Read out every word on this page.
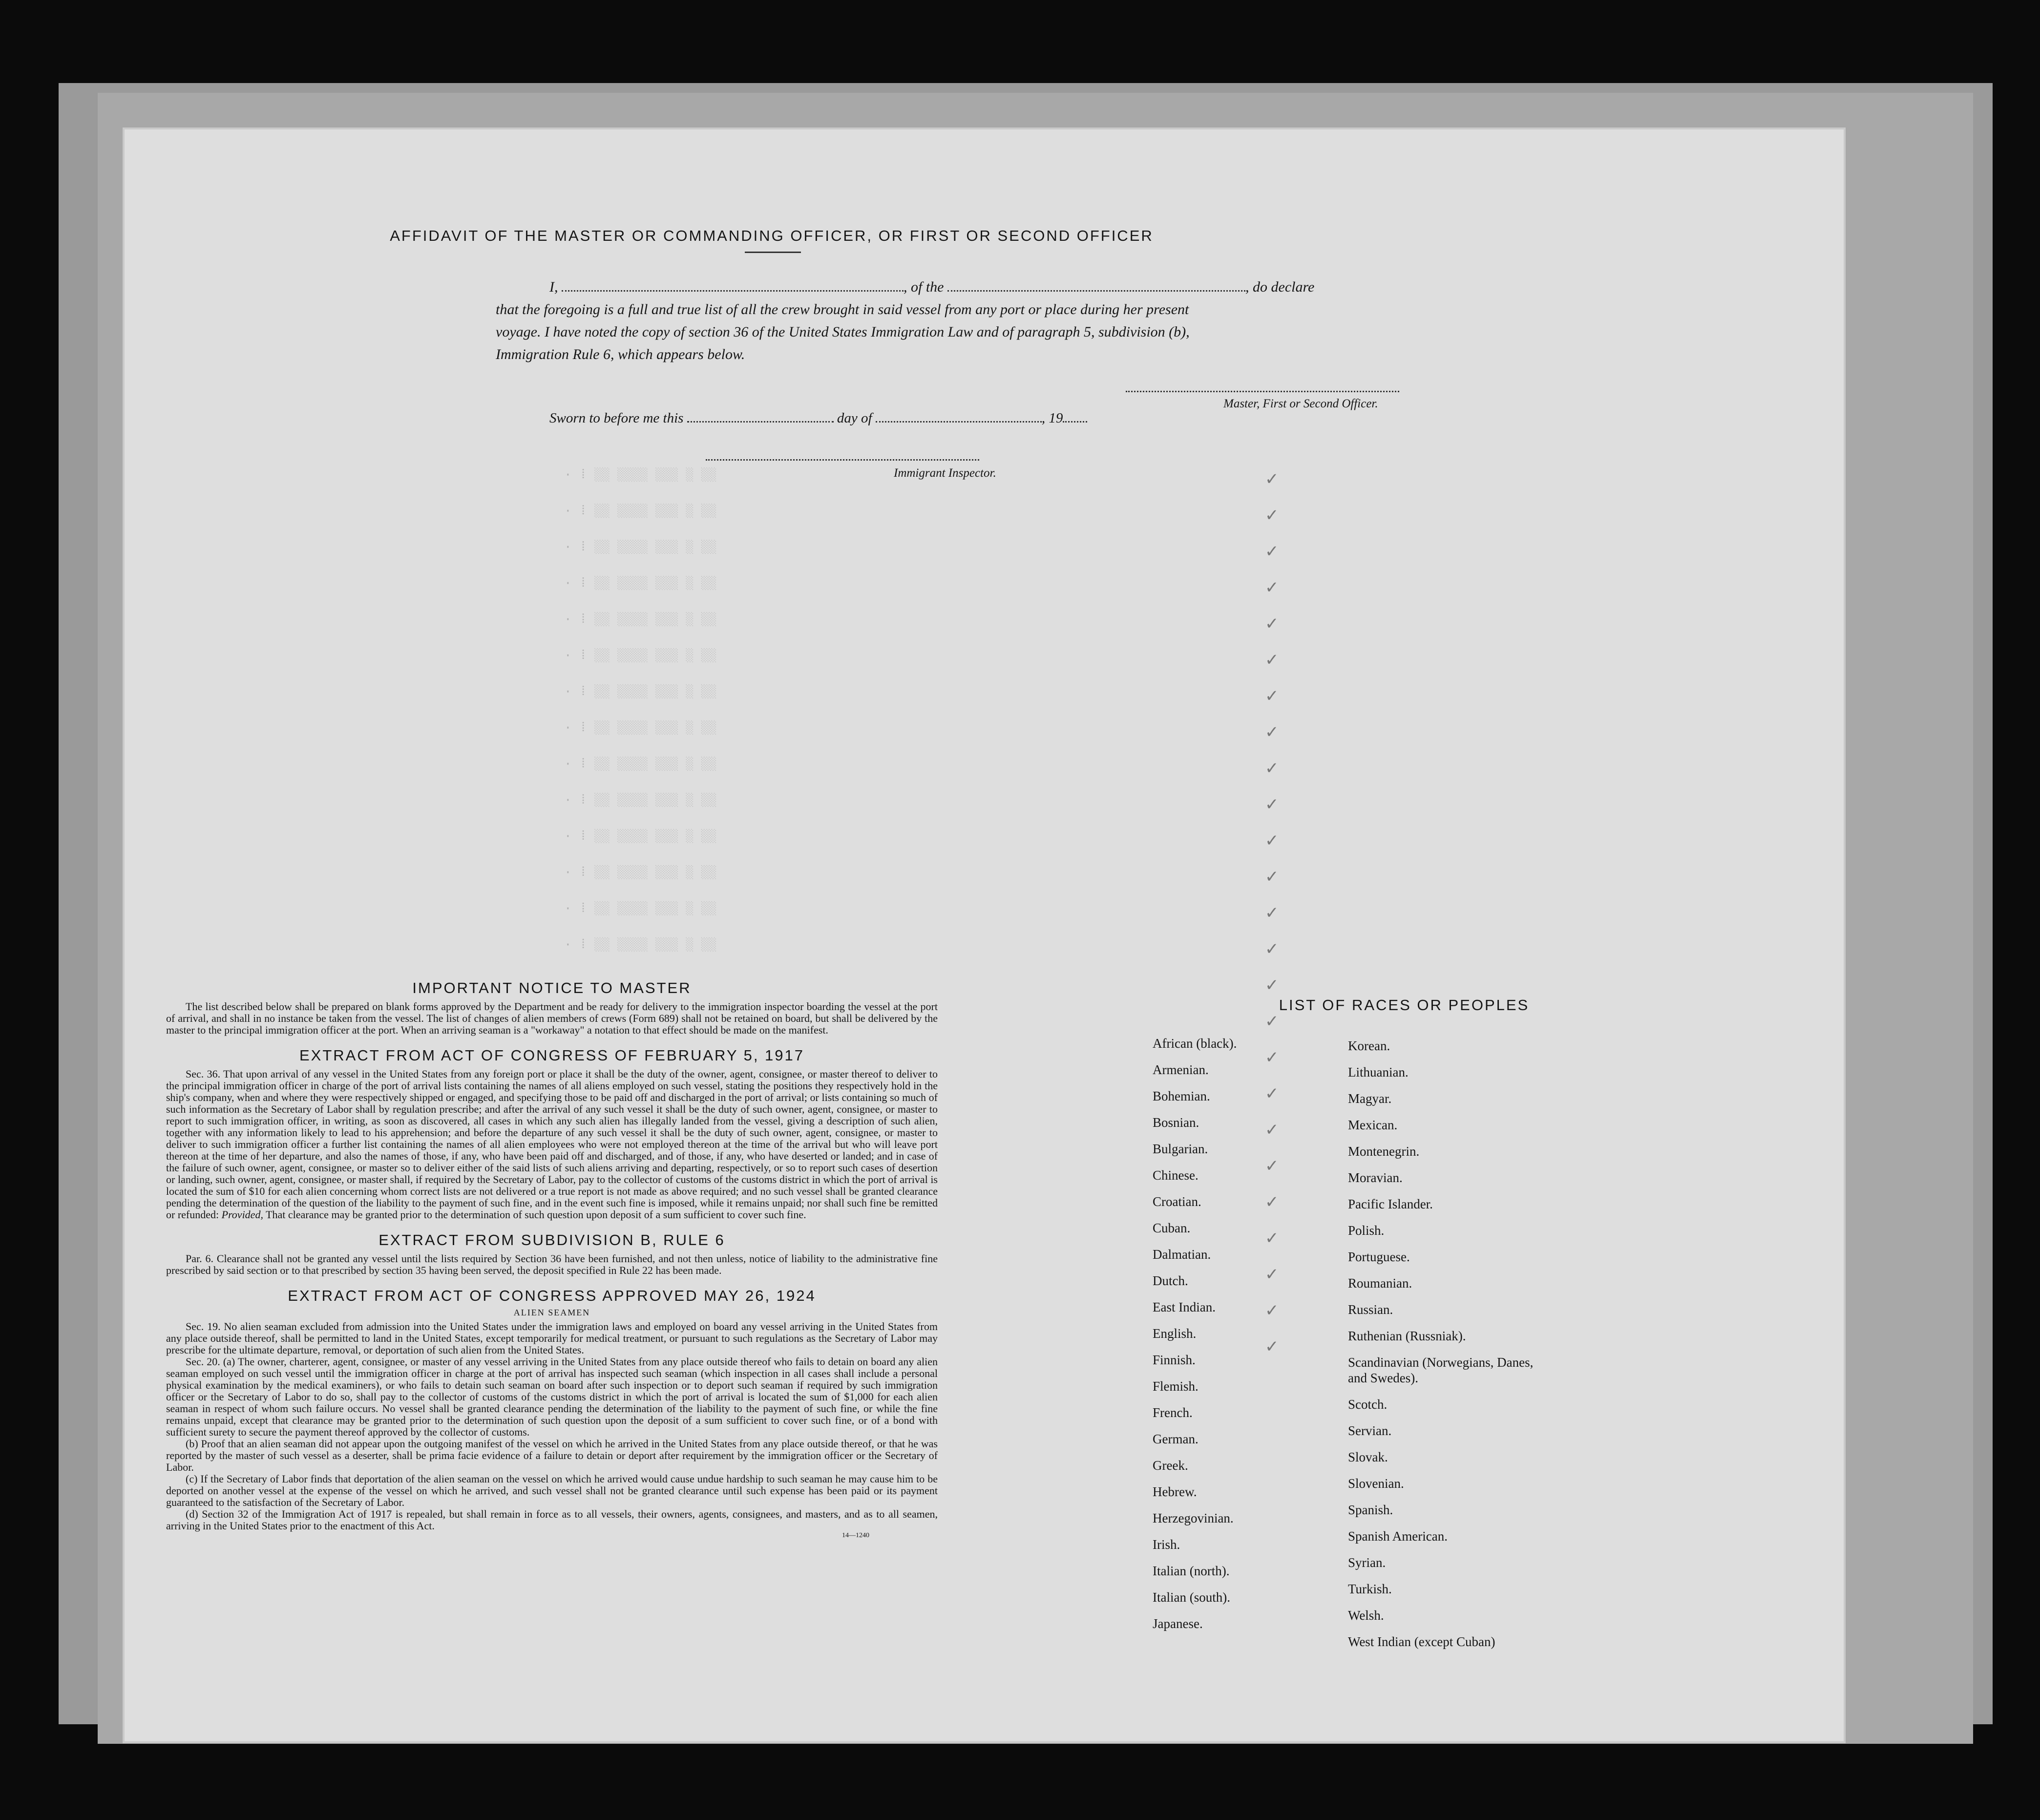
· ⁞ ░░ ░░░░ ░░░ ░ ░░
· ⁞ ░░ ░░░░ ░░░ ░ ░░
· ⁞ ░░ ░░░░ ░░░ ░ ░░
· ⁞ ░░ ░░░░ ░░░ ░ ░░
· ⁞ ░░ ░░░░ ░░░ ░ ░░
· ⁞ ░░ ░░░░ ░░░ ░ ░░
· ⁞ ░░ ░░░░ ░░░ ░ ░░
· ⁞ ░░ ░░░░ ░░░ ░ ░░
· ⁞ ░░ ░░░░ ░░░ ░ ░░
· ⁞ ░░ ░░░░ ░░░ ░ ░░
· ⁞ ░░ ░░░░ ░░░ ░ ░░
· ⁞ ░░ ░░░░ ░░░ ░ ░░
· ⁞ ░░ ░░░░ ░░░ ░ ░░
· ⁞ ░░ ░░░░ ░░░ ░ ░░
✓
✓
✓
✓
✓
✓
✓
✓
✓
✓
✓
✓
✓
✓
✓
✓
✓
✓
✓
✓
✓
✓
✓
✓
✓
AFFIDAVIT OF THE MASTER OR COMMANDING OFFICER, OR FIRST OR SECOND OFFICER
I,	, of the	, do declare
that the foregoing is a full and true list of all the crew brought in said vessel from any port or place during her present
voyage. I have noted the copy of section 36 of the United States Immigration Law and of paragraph 5, subdivision (b),
Immigration Rule 6, which appears below.
Master, First or Second Officer.
Sworn to before me this	day of	, 19
Immigrant Inspector.
IMPORTANT NOTICE TO MASTER
The list described below shall be prepared on blank forms approved by the Department and be ready for delivery to the immigration inspector boarding the vessel at the port of arrival, and shall in no instance be taken from the vessel. The list of changes of alien members of crews (Form 689) shall not be retained on board, but shall be delivered by the master to the principal immigration officer at the port. When an arriving seaman is a "workaway" a notation to that effect should be made on the manifest.
EXTRACT FROM ACT OF CONGRESS OF FEBRUARY 5, 1917
Sec. 36. That upon arrival of any vessel in the United States from any foreign port or place it shall be the duty of the owner, agent, consignee, or master thereof to deliver to the principal immigration officer in charge of the port of arrival lists containing the names of all aliens employed on such vessel, stating the positions they respectively hold in the ship's company, when and where they were respectively shipped or engaged, and specifying those to be paid off and discharged in the port of arrival; or lists containing so much of such information as the Secretary of Labor shall by regulation prescribe; and after the arrival of any such vessel it shall be the duty of such owner, agent, consignee, or master to report to such immigration officer, in writing, as soon as discovered, all cases in which any such alien has illegally landed from the vessel, giving a description of such alien, together with any information likely to lead to his apprehension; and before the departure of any such vessel it shall be the duty of such owner, agent, consignee, or master to deliver to such immigration officer a further list containing the names of all alien employees who were not employed thereon at the time of the arrival but who will leave port thereon at the time of her departure, and also the names of those, if any, who have been paid off and discharged, and of those, if any, who have deserted or landed; and in case of the failure of such owner, agent, consignee, or master so to deliver either of the said lists of such aliens arriving and departing, respectively, or so to report such cases of desertion or landing, such owner, agent, consignee, or master shall, if required by the Secretary of Labor, pay to the collector of customs of the customs district in which the port of arrival is located the sum of $10 for each alien concerning whom correct lists are not delivered or a true report is not made as above required; and no such vessel shall be granted clearance pending the determination of the question of the liability to the payment of such fine, and in the event such fine is imposed, while it remains unpaid; nor shall such fine be remitted or refunded: Provided, That clearance may be granted prior to the determination of such question upon deposit of a sum sufficient to cover such fine.
EXTRACT FROM SUBDIVISION B, RULE 6
Par. 6. Clearance shall not be granted any vessel until the lists required by Section 36 have been furnished, and not then unless, notice of liability to the administrative fine prescribed by said section or to that prescribed by section 35 having been served, the deposit specified in Rule 22 has been made.
EXTRACT FROM ACT OF CONGRESS APPROVED MAY 26, 1924
ALIEN SEAMEN
Sec. 19. No alien seaman excluded from admission into the United States under the immigration laws and employed on board any vessel arriving in the United States from any place outside thereof, shall be permitted to land in the United States, except temporarily for medical treatment, or pursuant to such regulations as the Secretary of Labor may prescribe for the ultimate departure, removal, or deportation of such alien from the United States.
Sec. 20. (a) The owner, charterer, agent, consignee, or master of any vessel arriving in the United States from any place outside thereof who fails to detain on board any alien seaman employed on such vessel until the immigration officer in charge at the port of arrival has inspected such seaman (which inspection in all cases shall include a personal physical examination by the medical examiners), or who fails to detain such seaman on board after such inspection or to deport such seaman if required by such immigration officer or the Secretary of Labor to do so, shall pay to the collector of customs of the customs district in which the port of arrival is located the sum of $1,000 for each alien seaman in respect of whom such failure occurs. No vessel shall be granted clearance pending the determination of the liability to the payment of such fine, or while the fine remains unpaid, except that clearance may be granted prior to the determination of such question upon the deposit of a sum sufficient to cover such fine, or of a bond with sufficient surety to secure the payment thereof approved by the collector of customs.
(b) Proof that an alien seaman did not appear upon the outgoing manifest of the vessel on which he arrived in the United States from any place outside thereof, or that he was reported by the master of such vessel as a deserter, shall be prima facie evidence of a failure to detain or deport after requirement by the immigration officer or the Secretary of Labor.
(c) If the Secretary of Labor finds that deportation of the alien seaman on the vessel on which he arrived would cause undue hardship to such seaman he may cause him to be deported on another vessel at the expense of the vessel on which he arrived, and such vessel shall not be granted clearance until such expense has been paid or its payment guaranteed to the satisfaction of the Secretary of Labor.
(d) Section 32 of the Immigration Act of 1917 is repealed, but shall remain in force as to all vessels, their owners, agents, consignees, and masters, and as to all seamen, arriving in the United States prior to the enactment of this Act.
14—1240
LIST OF RACES OR PEOPLES
African (black).
Armenian.
Bohemian.
Bosnian.
Bulgarian.
Chinese.
Croatian.
Cuban.
Dalmatian.
Dutch.
East Indian.
English.
Finnish.
Flemish.
French.
German.
Greek.
Hebrew.
Herzegovinian.
Irish.
Italian (north).
Italian (south).
Japanese.
Korean.
Lithuanian.
Magyar.
Mexican.
Montenegrin.
Moravian.
Pacific Islander.
Polish.
Portuguese.
Roumanian.
Russian.
Ruthenian (Russniak).
Scandinavian (Norwegians, Danes, and Swedes).
Scotch.
Servian.
Slovak.
Slovenian.
Spanish.
Spanish American.
Syrian.
Turkish.
Welsh.
West Indian (except Cuban)
